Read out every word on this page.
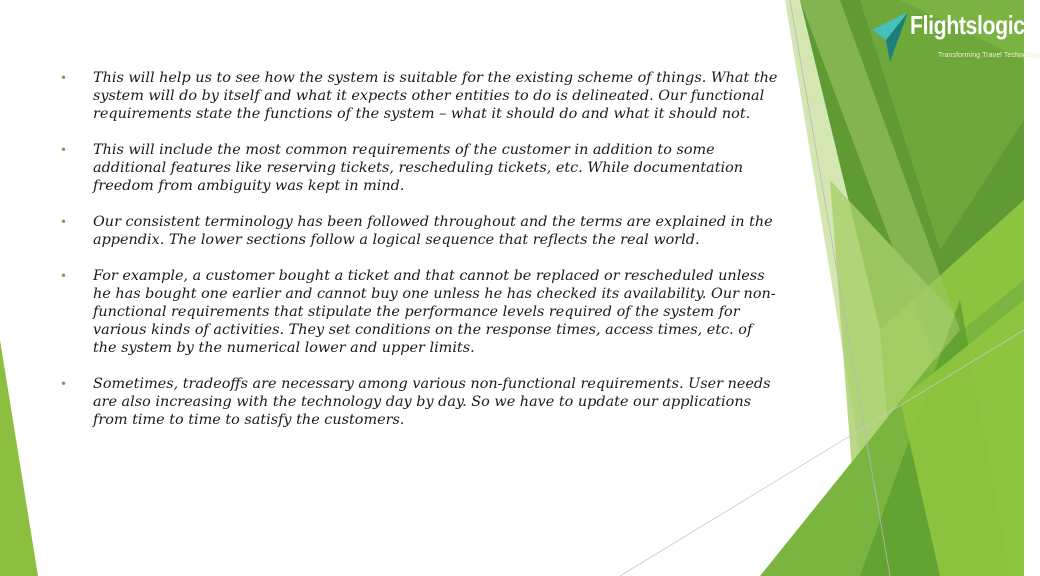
Flightslogic
Transforming Travel Technology
• This will help us to see how the system is suitable for the existing scheme of things. What the system will do by itself and what it expects other entities to do is delineated. Our functional requirements state the functions of the system – what it should do and what it should not.
• This will include the most common requirements of the customer in addition to some additional features like reserving tickets, rescheduling tickets, etc. While documentation freedom from ambiguity was kept in mind.
• Our consistent terminology has been followed throughout and the terms are explained in the appendix. The lower sections follow a logical sequence that reflects the real world.
• For example, a customer bought a ticket and that cannot be replaced or rescheduled unless he has bought one earlier and cannot buy one unless he has checked its availability. Our non-functional requirements that stipulate the performance levels required of the system for various kinds of activities. They set conditions on the response times, access times, etc. of the system by the numerical lower and upper limits.
• Sometimes, tradeoffs are necessary among various non-functional requirements. User needs are also increasing with the technology day by day. So we have to update our applications from time to time to satisfy the customers.
